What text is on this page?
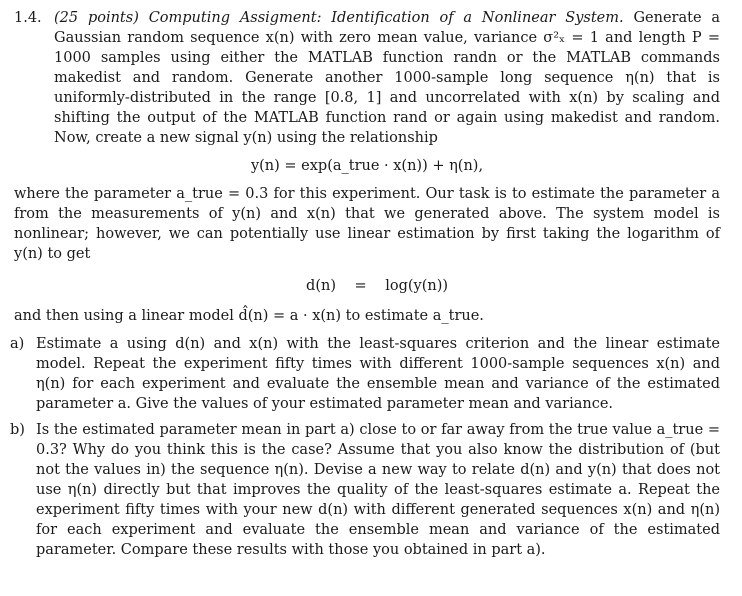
1.4. (25 points) Computing Assigment: Identification of a Nonlinear System. Generate a Gaussian random sequence x(n) with zero mean value, variance σ²ₓ = 1 and length P = 1000 samples using either the MATLAB function randn or the MATLAB commands makedist and random. Generate another 1000-sample long sequence η(n) that is uniformly-distributed in the range [0.8, 1] and uncorrelated with x(n) by scaling and shifting the output of the MATLAB function rand or again using makedist and random. Now, create a new signal y(n) using the relationship

y(n) = exp(a_true · x(n)) + η(n),

where the parameter a_true = 0.3 for this experiment. Our task is to estimate the parameter a from the measurements of y(n) and x(n) that we generated above. The system model is nonlinear; however, we can potentially use linear estimation by first taking the logarithm of y(n) to get

d(n) = log(y(n))

and then using a linear model d̂(n) = a · x(n) to estimate a_true.

a) Estimate a using d(n) and x(n) with the least-squares criterion and the linear estimate model. Repeat the experiment fifty times with different 1000-sample sequences x(n) and η(n) for each experiment and evaluate the ensemble mean and variance of the estimated parameter a. Give the values of your estimated parameter mean and variance.
b) Is the estimated parameter mean in part a) close to or far away from the true value a_true = 0.3? Why do you think this is the case? Assume that you also know the distribution of (but not the values in) the sequence η(n). Devise a new way to relate d(n) and y(n) that does not use η(n) directly but that improves the quality of the least-squares estimate a. Repeat the experiment fifty times with your new d(n) with different generated sequences x(n) and η(n) for each experiment and evaluate the ensemble mean and variance of the estimated parameter. Compare these results with those you obtained in part a).
